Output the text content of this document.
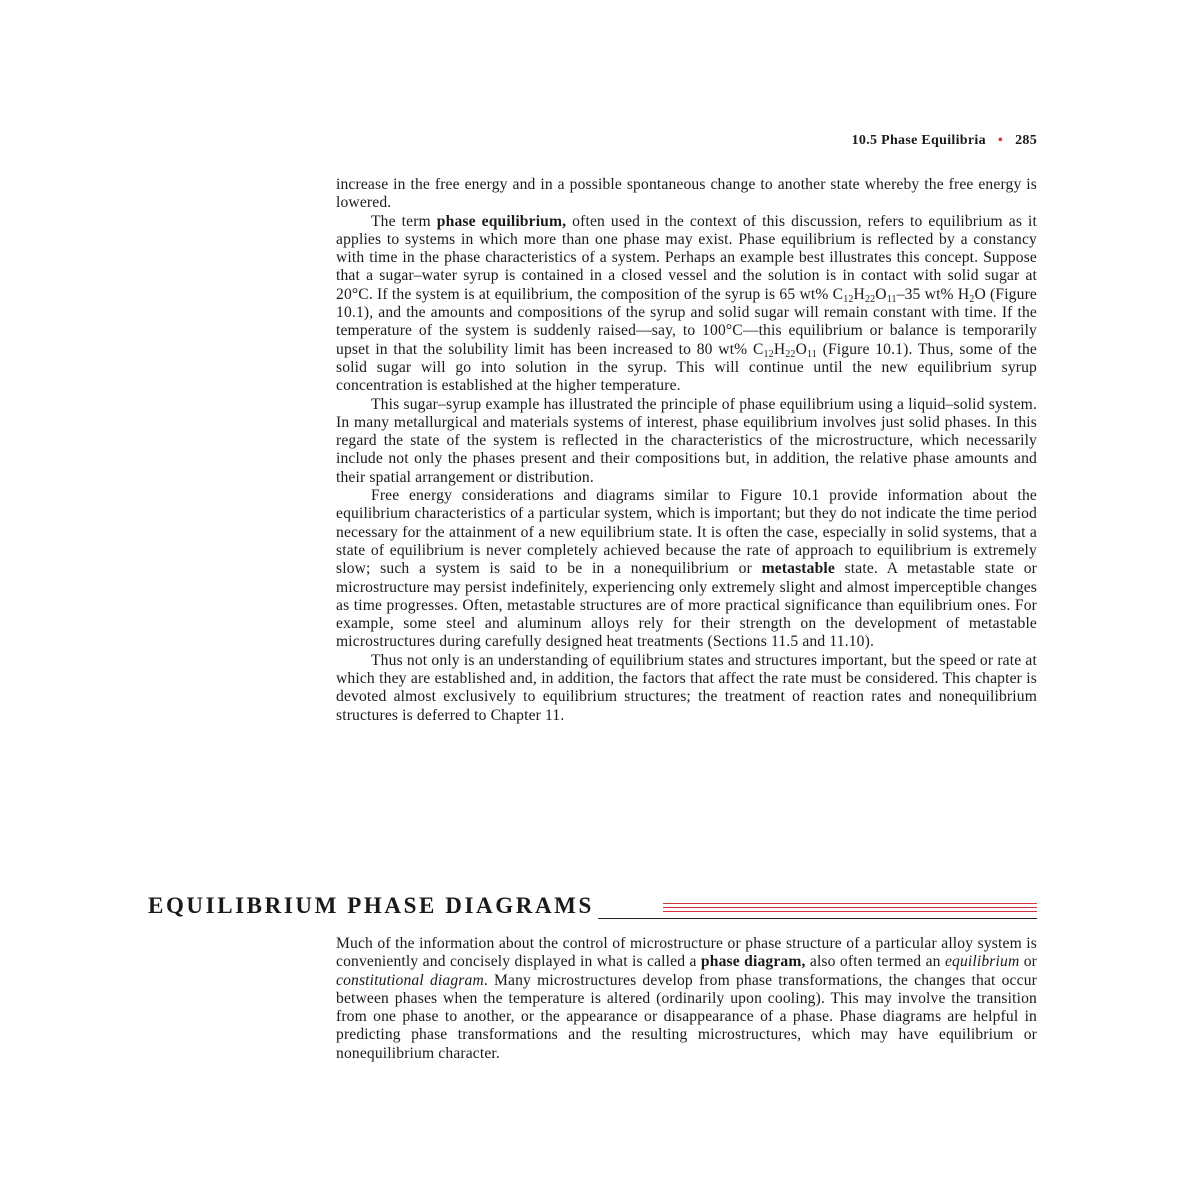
10.5 Phase Equilibria • 285

increase in the free energy and in a possible spontaneous change to another state whereby the free energy is lowered.

The term phase equilibrium, often used in the context of this discussion, refers to equilibrium as it applies to systems in which more than one phase may exist. Phase equilibrium is reflected by a constancy with time in the phase characteristics of a system. Perhaps an example best illustrates this concept. Suppose that a sugar–water syrup is contained in a closed vessel and the solution is in contact with solid sugar at 20°C. If the system is at equilibrium, the composition of the syrup is 65 wt% $C_{12}H_{22}O_{11}-35$ wt% $H_2O$ (Figure 10.1), and the amounts and compositions of the syrup and solid sugar will remain constant with time. If the temperature of the system is suddenly raised—say, to 100°C—this equilibrium or balance is temporarily upset in that the solubility limit has been increased to 80 wt% $C_{12}H_{22}O_{11}$ (Figure 10.1). Thus, some of the solid sugar will go into solution in the syrup. This will continue until the new equilibrium syrup concentration is established at the higher temperature.

This sugar–syrup example has illustrated the principle of phase equilibrium using a liquid–solid system. In many metallurgical and materials systems of interest, phase equilibrium involves just solid phases. In this regard the state of the system is reflected in the characteristics of the microstructure, which necessarily include not only the phases present and their compositions but, in addition, the relative phase amounts and their spatial arrangement or distribution.

Free energy considerations and diagrams similar to Figure 10.1 provide information about the equilibrium characteristics of a particular system, which is important; but they do not indicate the time period necessary for the attainment of a new equilibrium state. It is often the case, especially in solid systems, that a state of equilibrium is never completely achieved because the rate of approach to equilibrium is extremely slow; such a system is said to be in a nonequilibrium or metastable state. A metastable state or microstructure may persist indefinitely, experiencing only extremely slight and almost imperceptible changes as time progresses. Often, metastable structures are of more practical significance than equilibrium ones. For example, some steel and aluminum alloys rely for their strength on the development of metastable microstructures during carefully designed heat treatments (Sections 11.5 and 11.10).

Thus not only is an understanding of equilibrium states and structures important, but the speed or rate at which they are established and, in addition, the factors that affect the rate must be considered. This chapter is devoted almost exclusively to equilibrium structures; the treatment of reaction rates and nonequilibrium structures is deferred to Chapter 11.

EQUILIBRIUM PHASE DIAGRAMS

Much of the information about the control of microstructure or phase structure of a particular alloy system is conveniently and concisely displayed in what is called a phase diagram, also often termed an equilibrium or constitutional diagram. Many microstructures develop from phase transformations, the changes that occur between phases when the temperature is altered (ordinarily upon cooling). This may involve the transition from one phase to another, or the appearance or disappearance of a phase. Phase diagrams are helpful in predicting phase transformations and the resulting microstructures, which may have equilibrium or nonequilibrium character.
